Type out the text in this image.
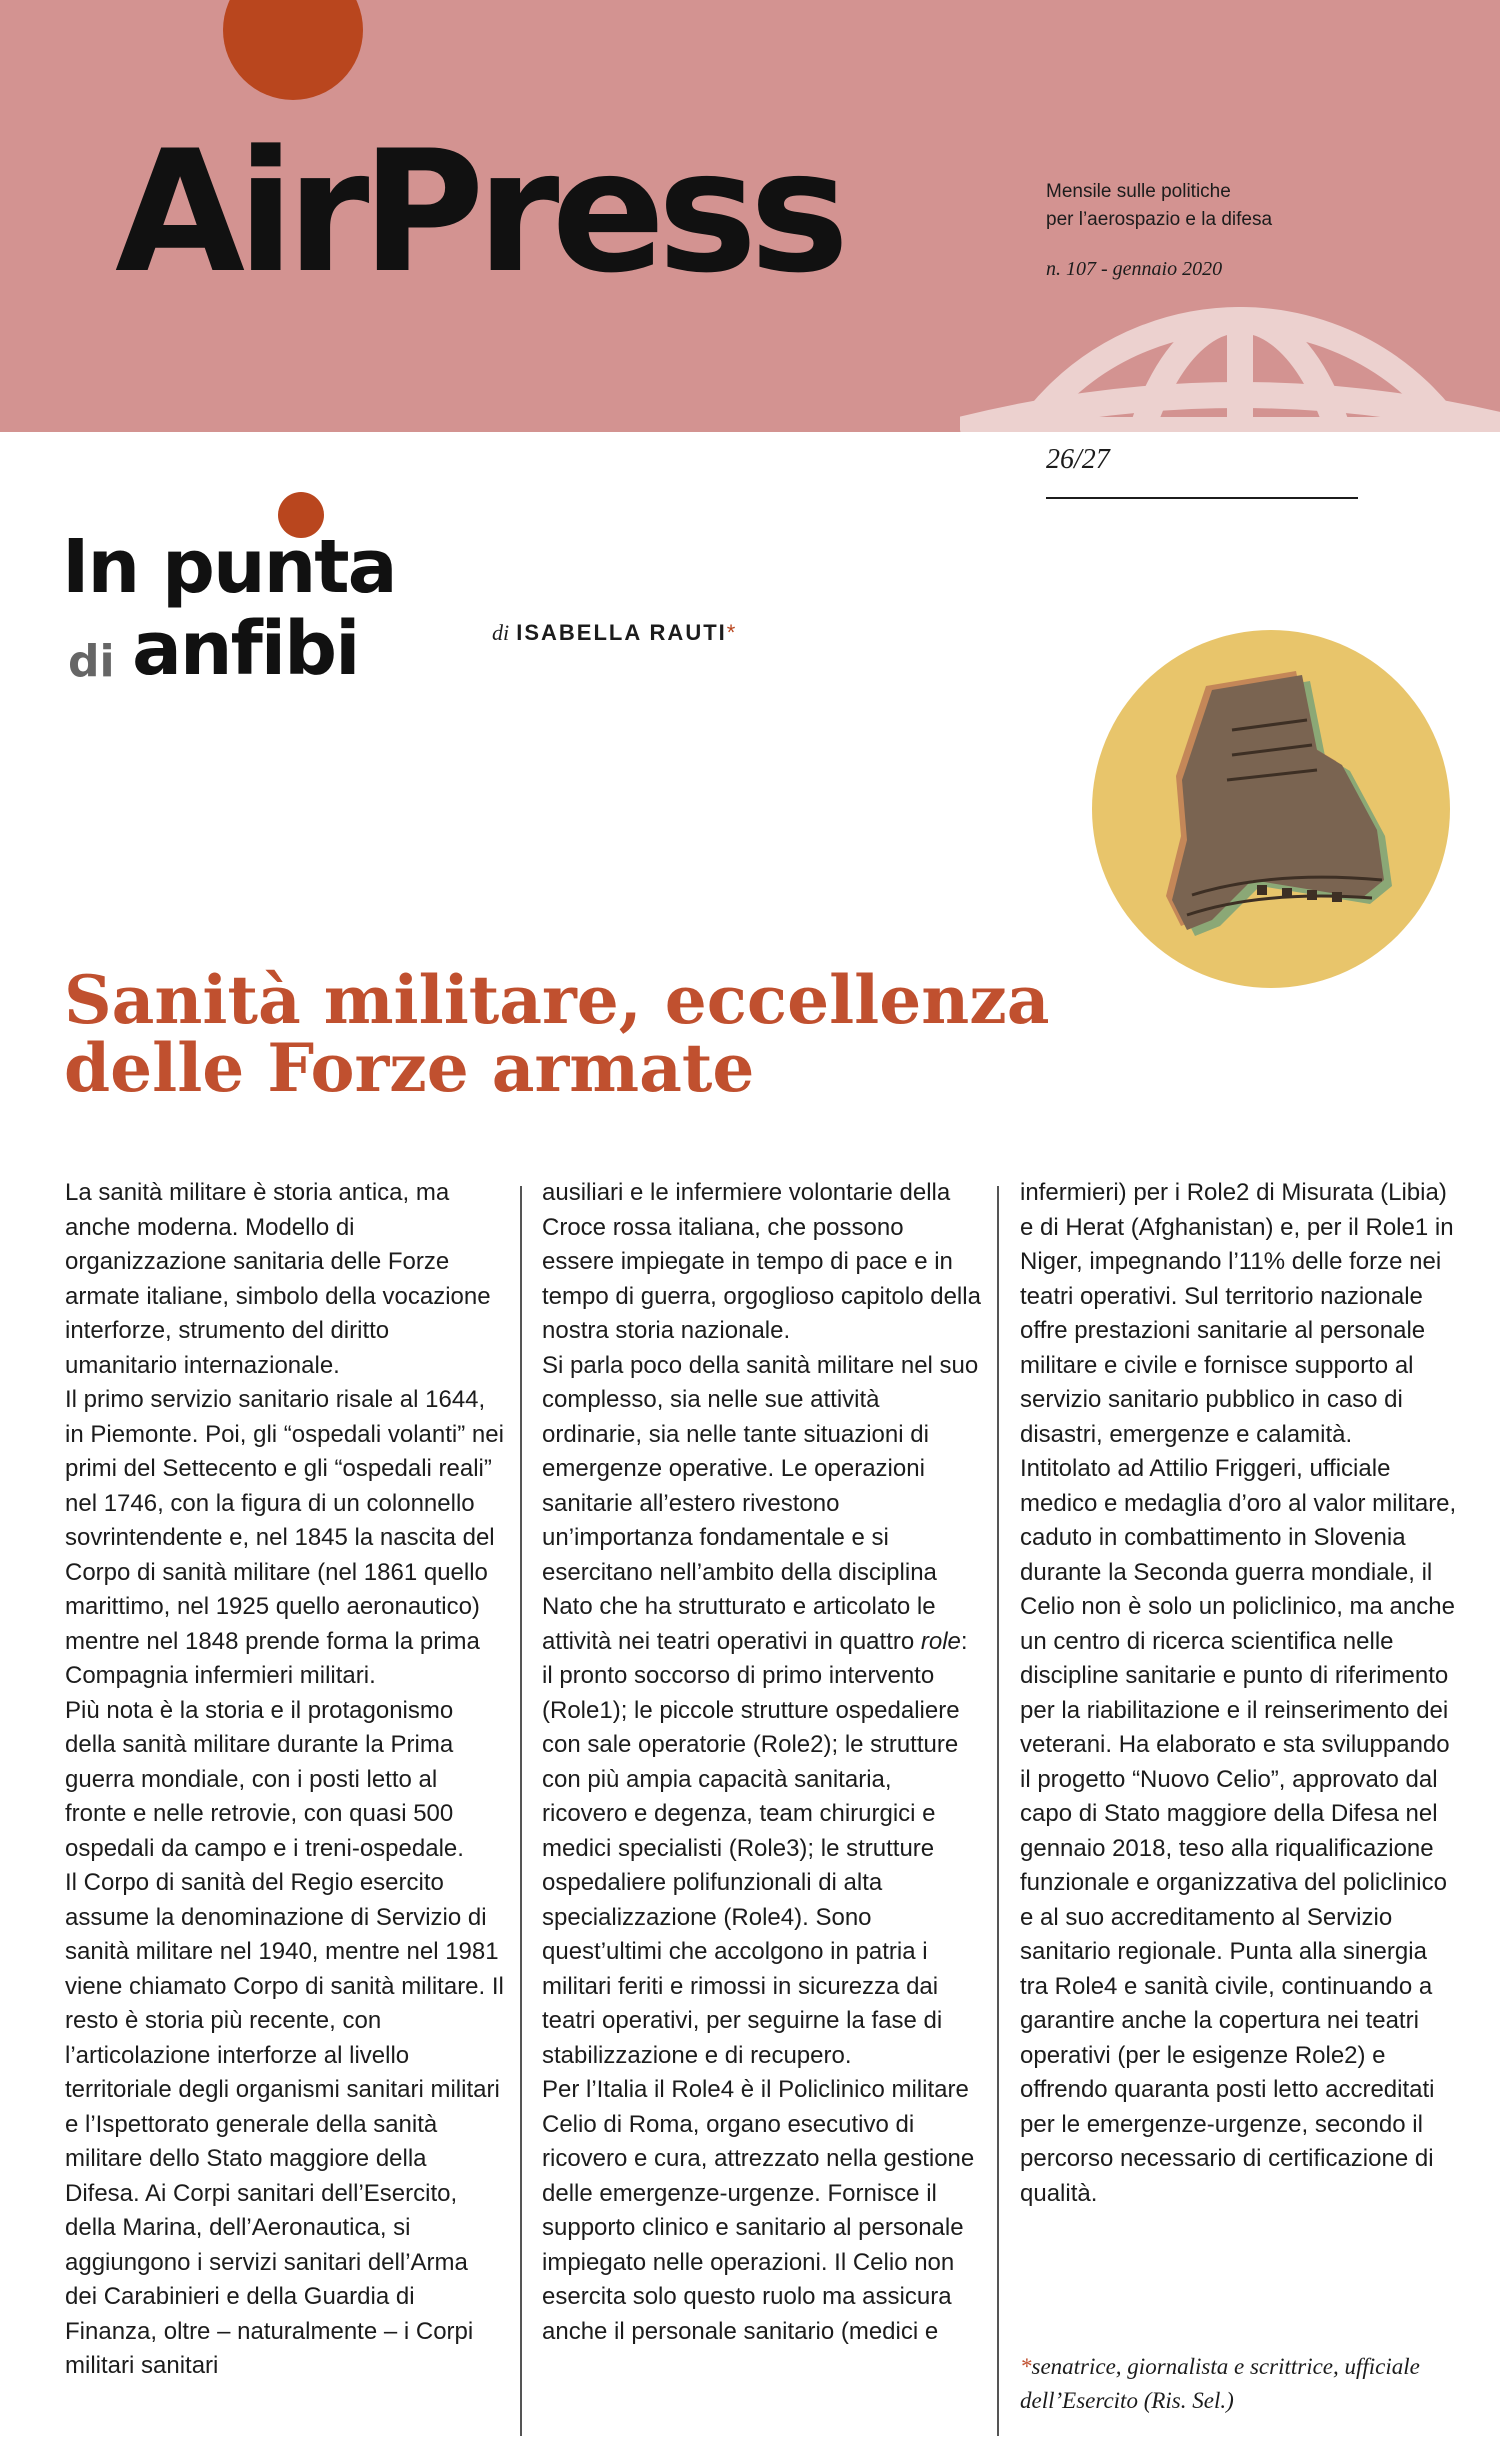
AirPress	Mensile sulle politiche
per l’aerospazio e la difesa
n. 107 - gennaio 2020
26/27
In punta
di anfibi	di ISABELLA RAUTI*
Sanità militare, eccellenza
delle Forze armate

La sanità militare è storia antica, ma anche moderna. Modello di organizzazione sanitaria delle Forze armate italiane, simbolo della vocazione interforze, strumento del diritto umanitario internazionale.

Il primo servizio sanitario risale al 1644, in Piemonte. Poi, gli “ospedali volanti” nei primi del Settecento e gli “ospedali reali” nel 1746, con la figura di un colonnello sovrintendente e, nel 1845 la nascita del Corpo di sanità militare (nel 1861 quello marittimo, nel 1925 quello aeronautico) mentre nel 1848 prende forma la prima Compagnia infermieri militari.

Più nota è la storia e il protagonismo della sanità militare durante la Prima guerra mondiale, con i posti letto al fronte e nelle retrovie, con quasi 500 ospedali da campo e i treni-ospedale.

Il Corpo di sanità del Regio esercito assume la denominazione di Servizio di sanità militare nel 1940, mentre nel 1981 viene chiamato Corpo di sanità militare. Il resto è storia più recente, con l’articolazione interforze al livello territoriale degli organismi sanitari militari e l’Ispettorato generale della sanità militare dello Stato maggiore della Difesa. Ai Corpi sanitari dell’Esercito, della Marina, dell’Aeronautica, si aggiungono i servizi sanitari dell’Arma dei Carabinieri e della Guardia di Finanza, oltre – naturalmente – i Corpi militari sanitari

ausiliari e le infermiere volontarie della Croce rossa italiana, che possono essere impiegate in tempo di pace e in tempo di guerra, orgoglioso capitolo della nostra storia nazionale.

Si parla poco della sanità militare nel suo complesso, sia nelle sue attività ordinarie, sia nelle tante situazioni di emergenze operative. Le operazioni sanitarie all’estero rivestono un’importanza fondamentale e si esercitano nell’ambito della disciplina Nato che ha strutturato e articolato le attività nei teatri operativi in quattro role: il pronto soccorso di primo intervento (Role1); le piccole strutture ospedaliere con sale operatorie (Role2); le strutture con più ampia capacità sanitaria, ricovero e degenza, team chirurgici e medici specialisti (Role3); le strutture ospedaliere polifunzionali di alta specializzazione (Role4). Sono quest’ultimi che accolgono in patria i militari feriti e rimossi in sicurezza dai teatri operativi, per seguirne la fase di stabilizzazione e di recupero.

Per l’Italia il Role4 è il Policlinico militare Celio di Roma, organo esecutivo di ricovero e cura, attrezzato nella gestione delle emergenze-urgenze. Fornisce il supporto clinico e sanitario al personale impiegato nelle operazioni. Il Celio non esercita solo questo ruolo ma assicura anche il personale sanitario (medici e

infermieri) per i Role2 di Misurata (Libia) e di Herat (Afghanistan) e, per il Role1 in Niger, impegnando l’11% delle forze nei teatri operativi. Sul territorio nazionale offre prestazioni sanitarie al personale militare e civile e fornisce supporto al servizio sanitario pubblico in caso di disastri, emergenze e calamità.

Intitolato ad Attilio Friggeri, ufficiale medico e medaglia d’oro al valor militare, caduto in combattimento in Slovenia durante la Seconda guerra mondiale, il Celio non è solo un policlinico, ma anche un centro di ricerca scientifica nelle discipline sanitarie e punto di riferimento per la riabilitazione e il reinserimento dei veterani. Ha elaborato e sta sviluppando il progetto “Nuovo Celio”, approvato dal capo di Stato maggiore della Difesa nel gennaio 2018, teso alla riqualificazione funzionale e organizzativa del policlinico e al suo accreditamento al Servizio sanitario regionale. Punta alla sinergia tra Role4 e sanità civile, continuando a garantire anche la copertura nei teatri operativi (per le esigenze Role2) e offrendo quaranta posti letto accreditati per le emergenze-urgenze, secondo il percorso necessario di certificazione di qualità.

*senatrice, giornalista e scrittrice, ufficiale dell’Esercito (Ris. Sel.)
